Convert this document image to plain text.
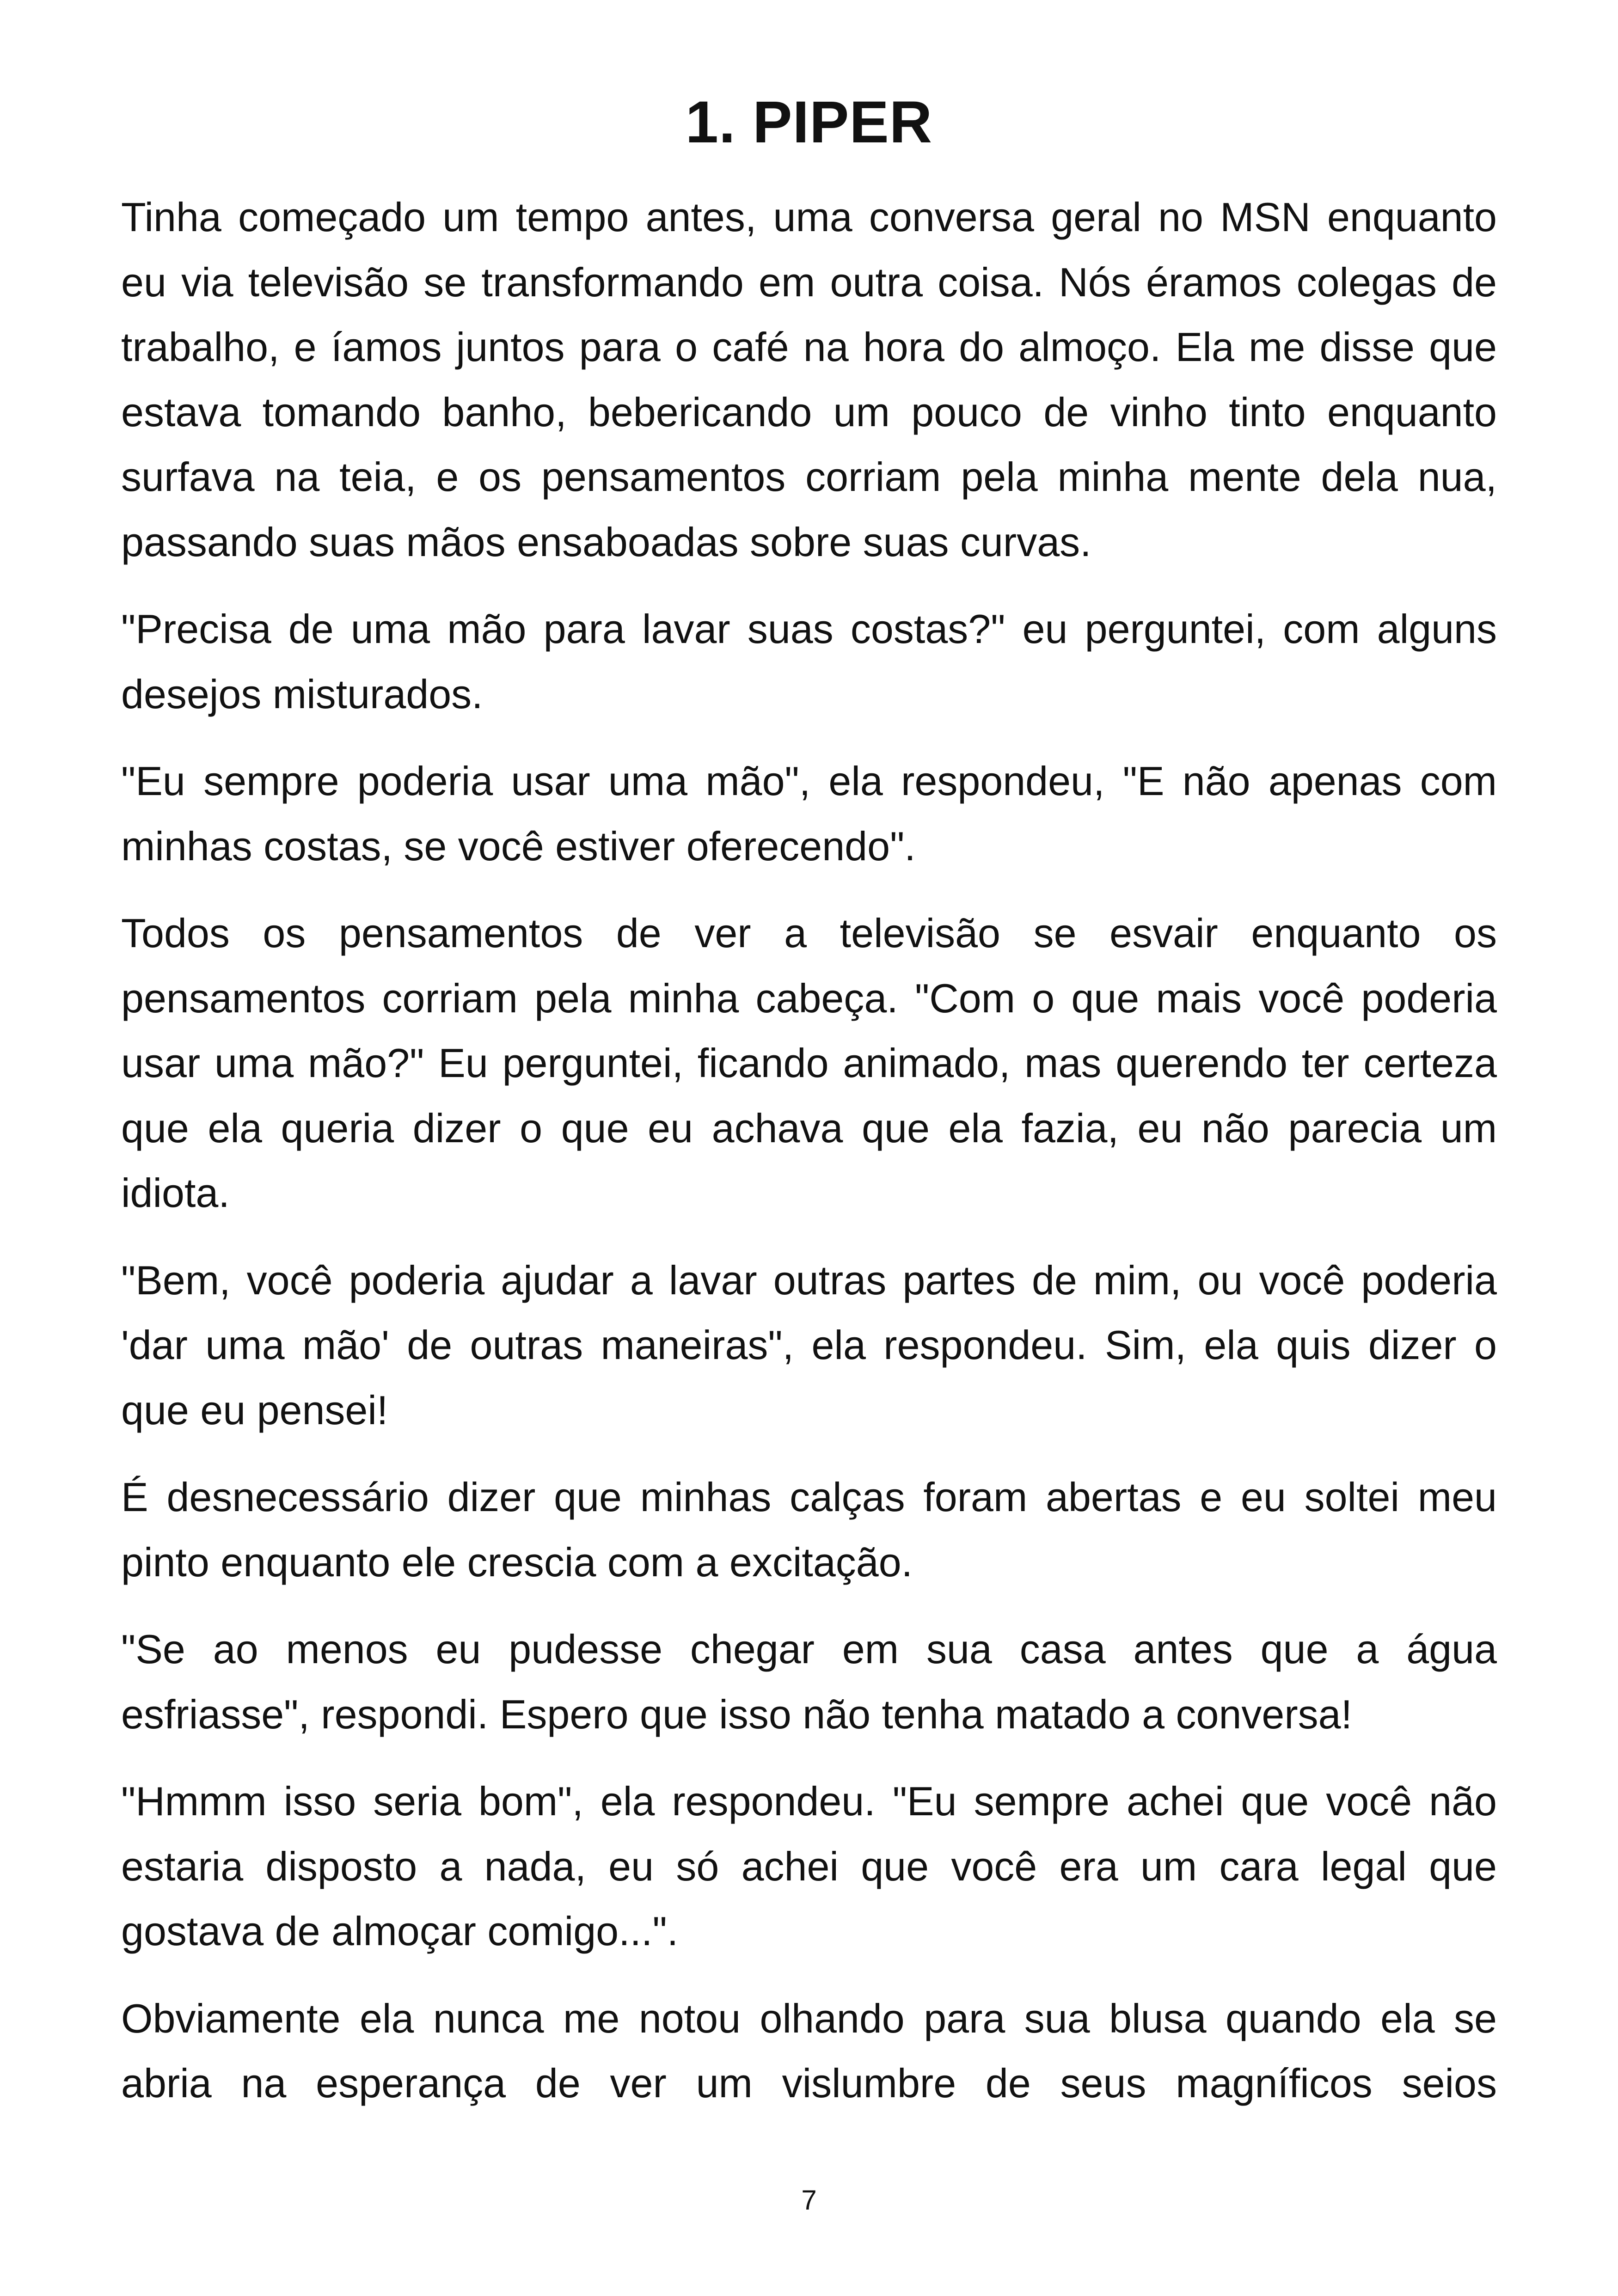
1. PIPER

Tinha começado um tempo antes, uma conversa geral no MSN enquanto eu via televisão se transformando em outra coisa. Nós éramos colegas de trabalho, e íamos juntos para o café na hora do almoço. Ela me disse que estava tomando banho, bebericando um pouco de vinho tinto enquanto surfava na teia, e os pensamentos corriam pela minha mente dela nua, passando suas mãos ensaboadas sobre suas curvas.

"Precisa de uma mão para lavar suas costas?" eu perguntei, com alguns desejos misturados.

"Eu sempre poderia usar uma mão", ela respondeu, "E não apenas com minhas costas, se você estiver oferecendo".

Todos os pensamentos de ver a televisão se esvair enquanto os pensamentos corriam pela minha cabeça. "Com o que mais você poderia usar uma mão?" Eu perguntei, ficando animado, mas querendo ter certeza que ela queria dizer o que eu achava que ela fazia, eu não parecia um idiota.

"Bem, você poderia ajudar a lavar outras partes de mim, ou você poderia 'dar uma mão' de outras maneiras", ela respondeu. Sim, ela quis dizer o que eu pensei!

É desnecessário dizer que minhas calças foram abertas e eu soltei meu pinto enquanto ele crescia com a excitação.

"Se ao menos eu pudesse chegar em sua casa antes que a água esfriasse", respondi. Espero que isso não tenha matado a conversa!

"Hmmm isso seria bom", ela respondeu. "Eu sempre achei que você não estaria disposto a nada, eu só achei que você era um cara legal que gostava de almoçar comigo...".

Obviamente ela nunca me notou olhando para sua blusa quando ela se abria na esperança de ver um vislumbre de seus magníficos seios

7
